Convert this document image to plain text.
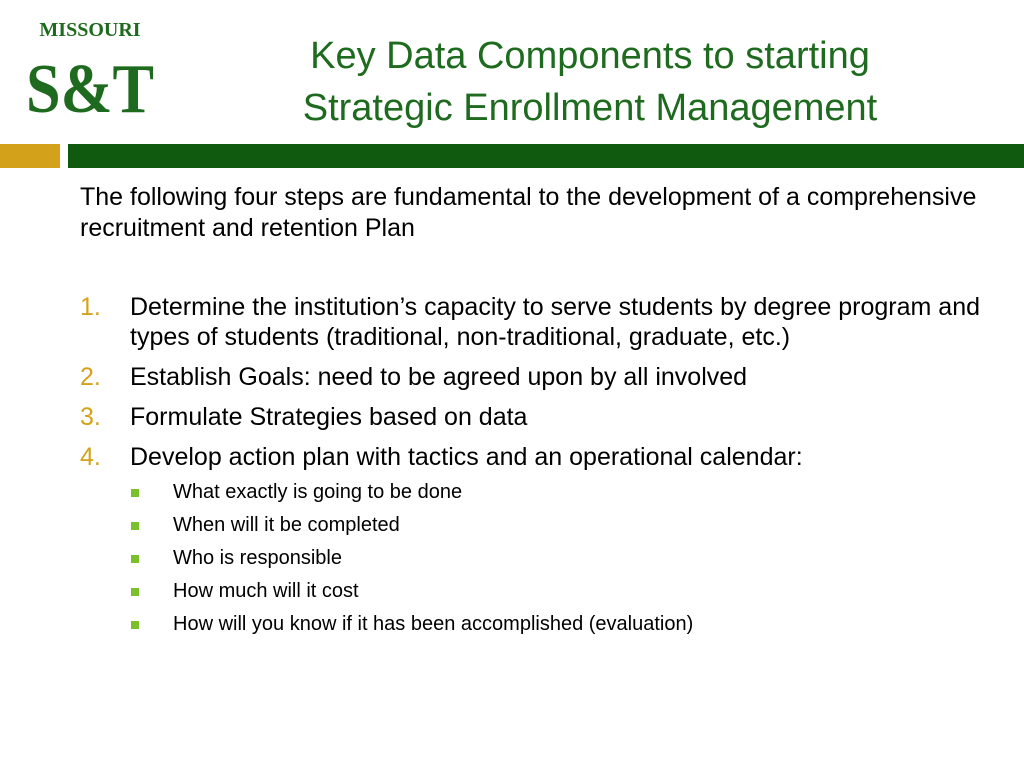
MISSOURI
S&T	Key Data Components to starting
Strategic Enrollment Management
The following four steps are fundamental to the development of a comprehensive recruitment and retention Plan
1. Determine the institution’s capacity to serve students by degree program and types of students (traditional, non-traditional, graduate, etc.)
2. Establish Goals: need to be agreed upon by all involved
3. Formulate Strategies based on data
4. Develop action plan with tactics and an operational calendar:
What exactly is going to be done
When will it be completed
Who is responsible
How much will it cost
How will you know if it has been accomplished (evaluation)
